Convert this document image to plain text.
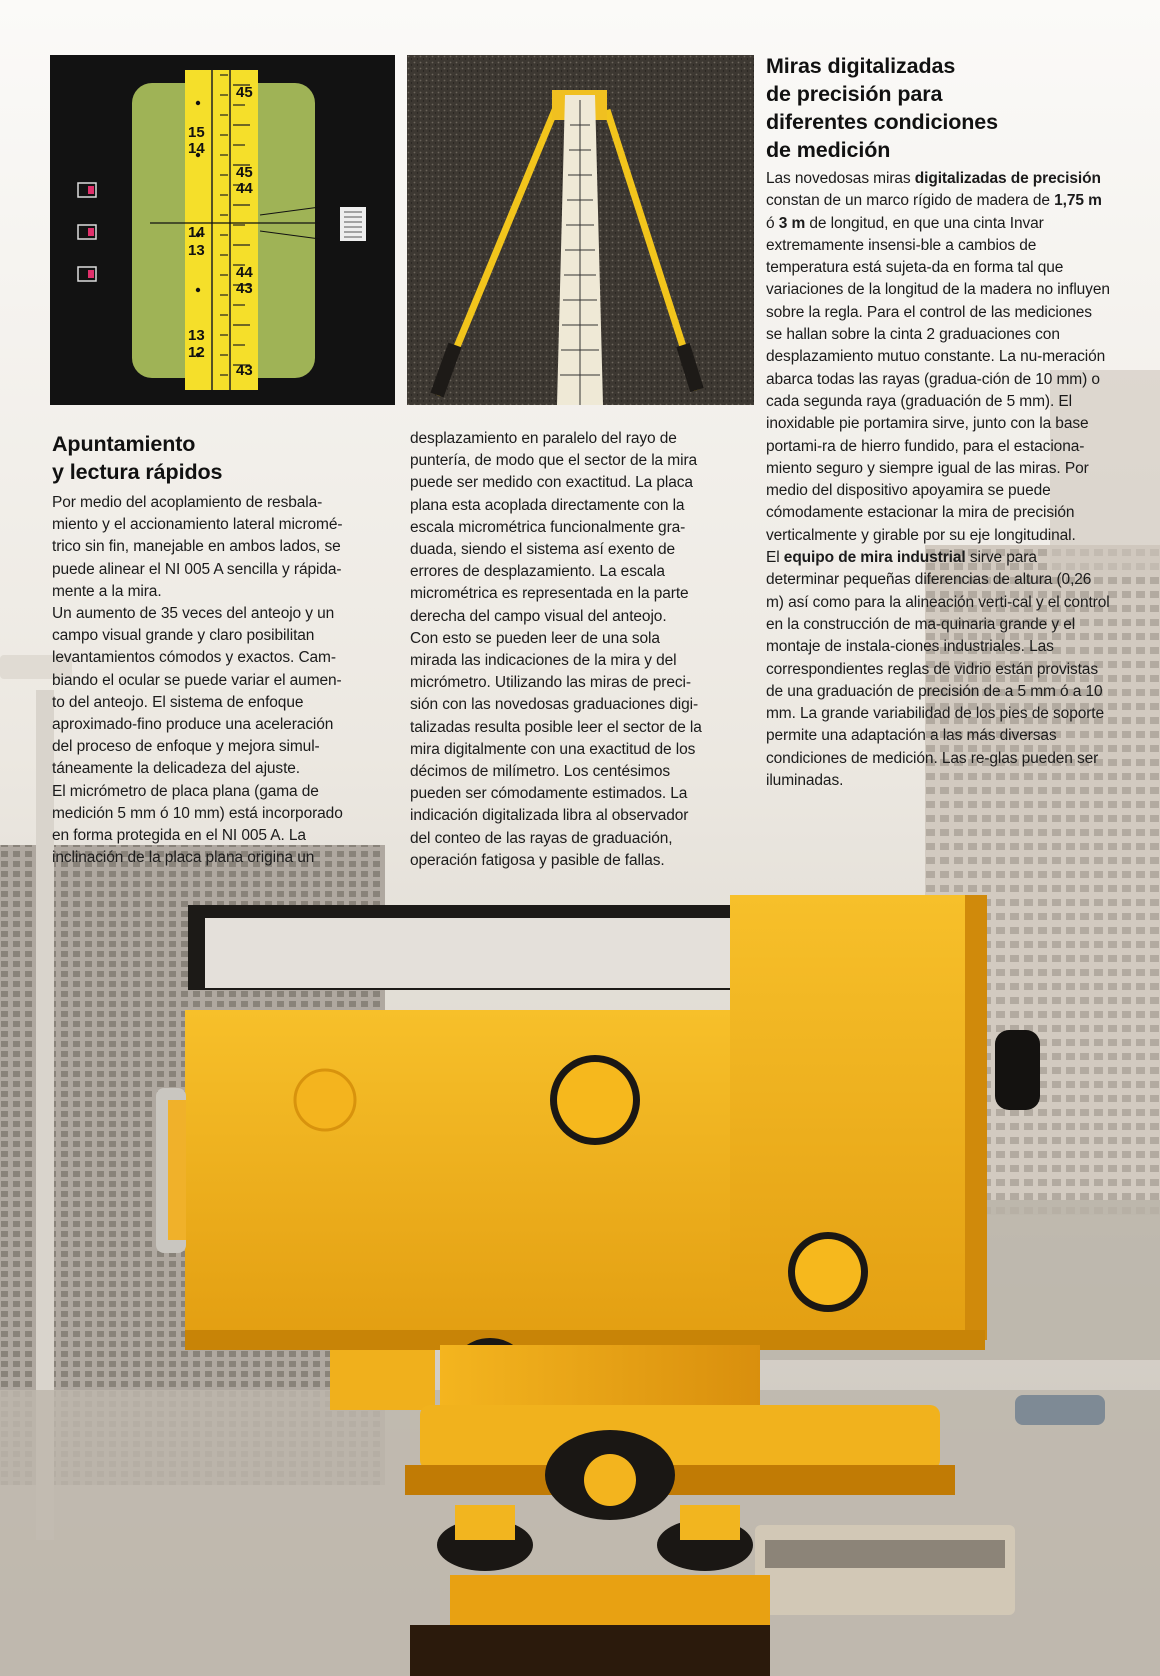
15
14
14
13
13
12
45
45
44
44
43
43
Apuntamiento
y lectura rápidos
Por medio del acoplamiento de resbala-
miento y el accionamiento lateral micromé-
trico sin fin, manejable en ambos lados, se
puede alinear el NI 005 A sencilla y rápida-
mente a la mira.
Un aumento de 35 veces del anteojo y un
campo visual grande y claro posibilitan
levantamientos cómodos y exactos. Cam-
biando el ocular se puede variar el aumen-
to del anteojo. El sistema de enfoque
aproximado-fino produce una aceleración
del proceso de enfoque y mejora simul-
táneamente la delicadeza del ajuste.
El micrómetro de placa plana (gama de
medición 5 mm ó 10 mm) está incorporado
en forma protegida en el NI 005 A. La
inclinación de la placa plana origina un
desplazamiento en paralelo del rayo de
puntería, de modo que el sector de la mira
puede ser medido con exactitud. La placa
plana esta acoplada directamente con la
escala micrométrica funcionalmente gra-
duada, siendo el sistema así exento de
errores de desplazamiento. La escala
micrométrica es representada en la parte
derecha del campo visual del anteojo.
Con esto se pueden leer de una sola
mirada las indicaciones de la mira y del
micrómetro. Utilizando las miras de preci-
sión con las novedosas graduaciones digi-
talizadas resulta posible leer el sector de la
mira digitalmente con una exactitud de los
décimos de milímetro. Los centésimos
pueden ser cómodamente estimados. La
indicación digitalizada libra al observador
del conteo de las rayas de graduación,
operación fatigosa y pasible de fallas.
Miras digitalizadas
de precisión para
diferentes condiciones
de medición

Las novedosas miras digitalizadas de precisión constan de un marco rígido de madera de 1,75 m ó 3 m de longitud, en que una cinta Invar extremamente insensi-ble a cambios de temperatura está sujeta-da en forma tal que variaciones de la longitud de la madera no influyen sobre la regla. Para el control de las mediciones se hallan sobre la cinta 2 graduaciones con desplazamiento mutuo constante. La nu-meración abarca todas las rayas (gradua-ción de 10 mm) o cada segunda raya (graduación de 5 mm). El inoxidable pie portamira sirve, junto con la base portami-ra de hierro fundido, para el estaciona-miento seguro y siempre igual de las miras. Por medio del dispositivo apoyamira se puede cómodamente estacionar la mira de precisión verticalmente y girable por su eje longitudinal.

El equipo de mira industrial sirve para determinar pequeñas diferencias de altura (0,26 m) así como para la alineación verti-cal y el control en la construcción de ma-quinaria grande y el montaje de instala-ciones industriales. Las correspondientes reglas de vidrio están provistas de una graduación de precisión de a 5 mm ó a 10 mm. La grande variabilidad de los pies de soporte permite una adaptación a las más diversas condiciones de medición. Las re-glas pueden ser iluminadas.
